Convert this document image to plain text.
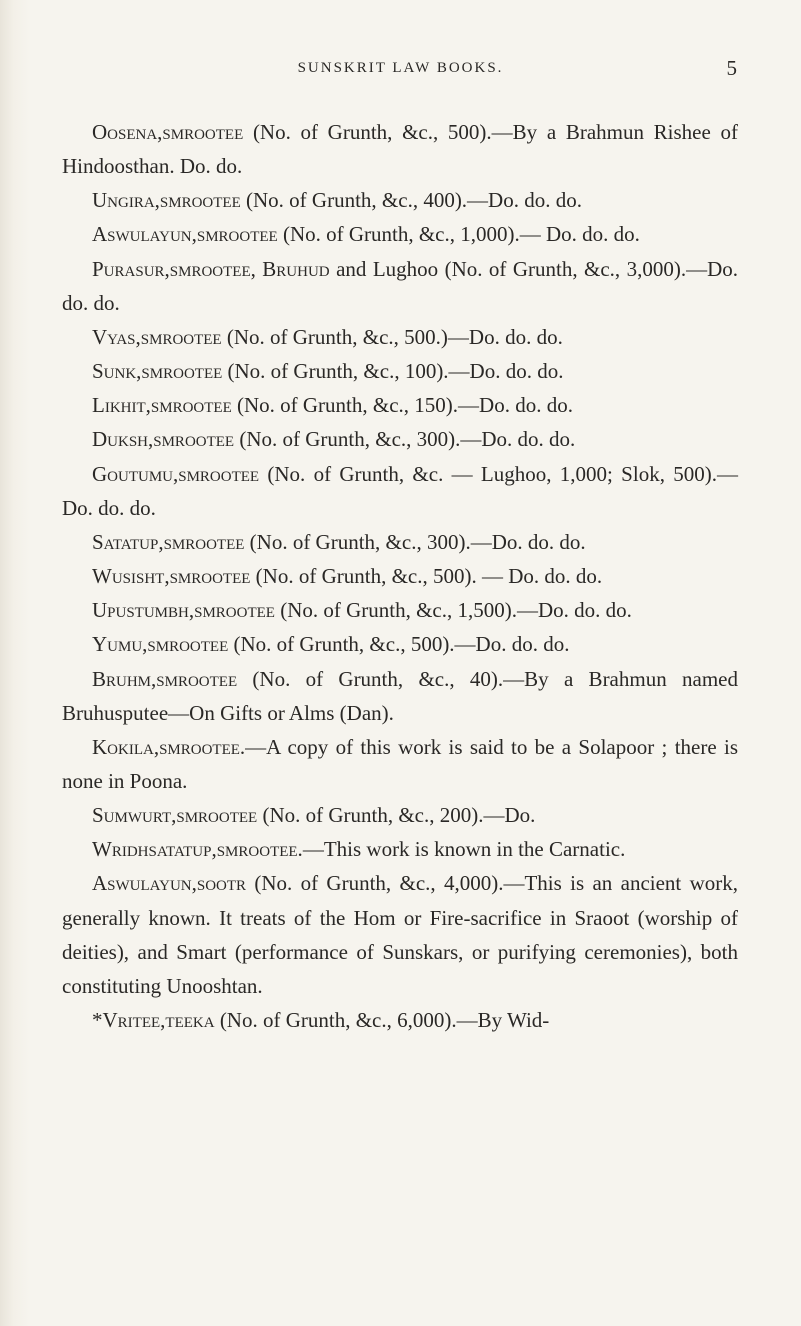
SUNSKRIT LAW BOOKS.	5

Oosena,smrootee (No. of Grunth, &c., 500).—By a Brahmun Rishee of Hindoosthan. Do. do.

Ungira,smrootee (No. of Grunth, &c., 400).—Do. do. do.

Aswulayun,smrootee (No. of Grunth, &c., 1,000).— Do. do. do.

Purasur,smrootee, Bruhud and Lughoo (No. of Grunth, &c., 3,000).—Do. do. do.

Vyas,smrootee (No. of Grunth, &c., 500.)—Do. do. do.

Sunk,smrootee (No. of Grunth, &c., 100).—Do. do. do.

Likhit,smrootee (No. of Grunth, &c., 150).—Do. do. do.

Duksh,smrootee (No. of Grunth, &c., 300).—Do. do. do.

Goutumu,smrootee (No. of Grunth, &c. — Lughoo, 1,000; Slok, 500).—Do. do. do.

Satatup,smrootee (No. of Grunth, &c., 300).—Do. do. do.

Wusisht,smrootee (No. of Grunth, &c., 500). — Do. do. do.

Upustumbh,smrootee (No. of Grunth, &c., 1,500).—Do. do. do.

Yumu,smrootee (No. of Grunth, &c., 500).—Do. do. do.

Bruhm,smrootee (No. of Grunth, &c., 40).—By a Brahmun named Bruhusputee—On Gifts or Alms (Dan).

Kokila,smrootee.—A copy of this work is said to be a Solapoor ; there is none in Poona.

Sumwurt,smrootee (No. of Grunth, &c., 200).—Do.

Wridhsatatup,smrootee.—This work is known in the Carnatic.

Aswulayun,sootr (No. of Grunth, &c., 4,000).—This is an ancient work, generally known. It treats of the Hom or Fire-sacrifice in Sraoot (worship of deities), and Smart (performance of Sunskars, or purifying ceremonies), both constituting Unooshtan.

*Vritee,teeka (No. of Grunth, &c., 6,000).—By Wid-
